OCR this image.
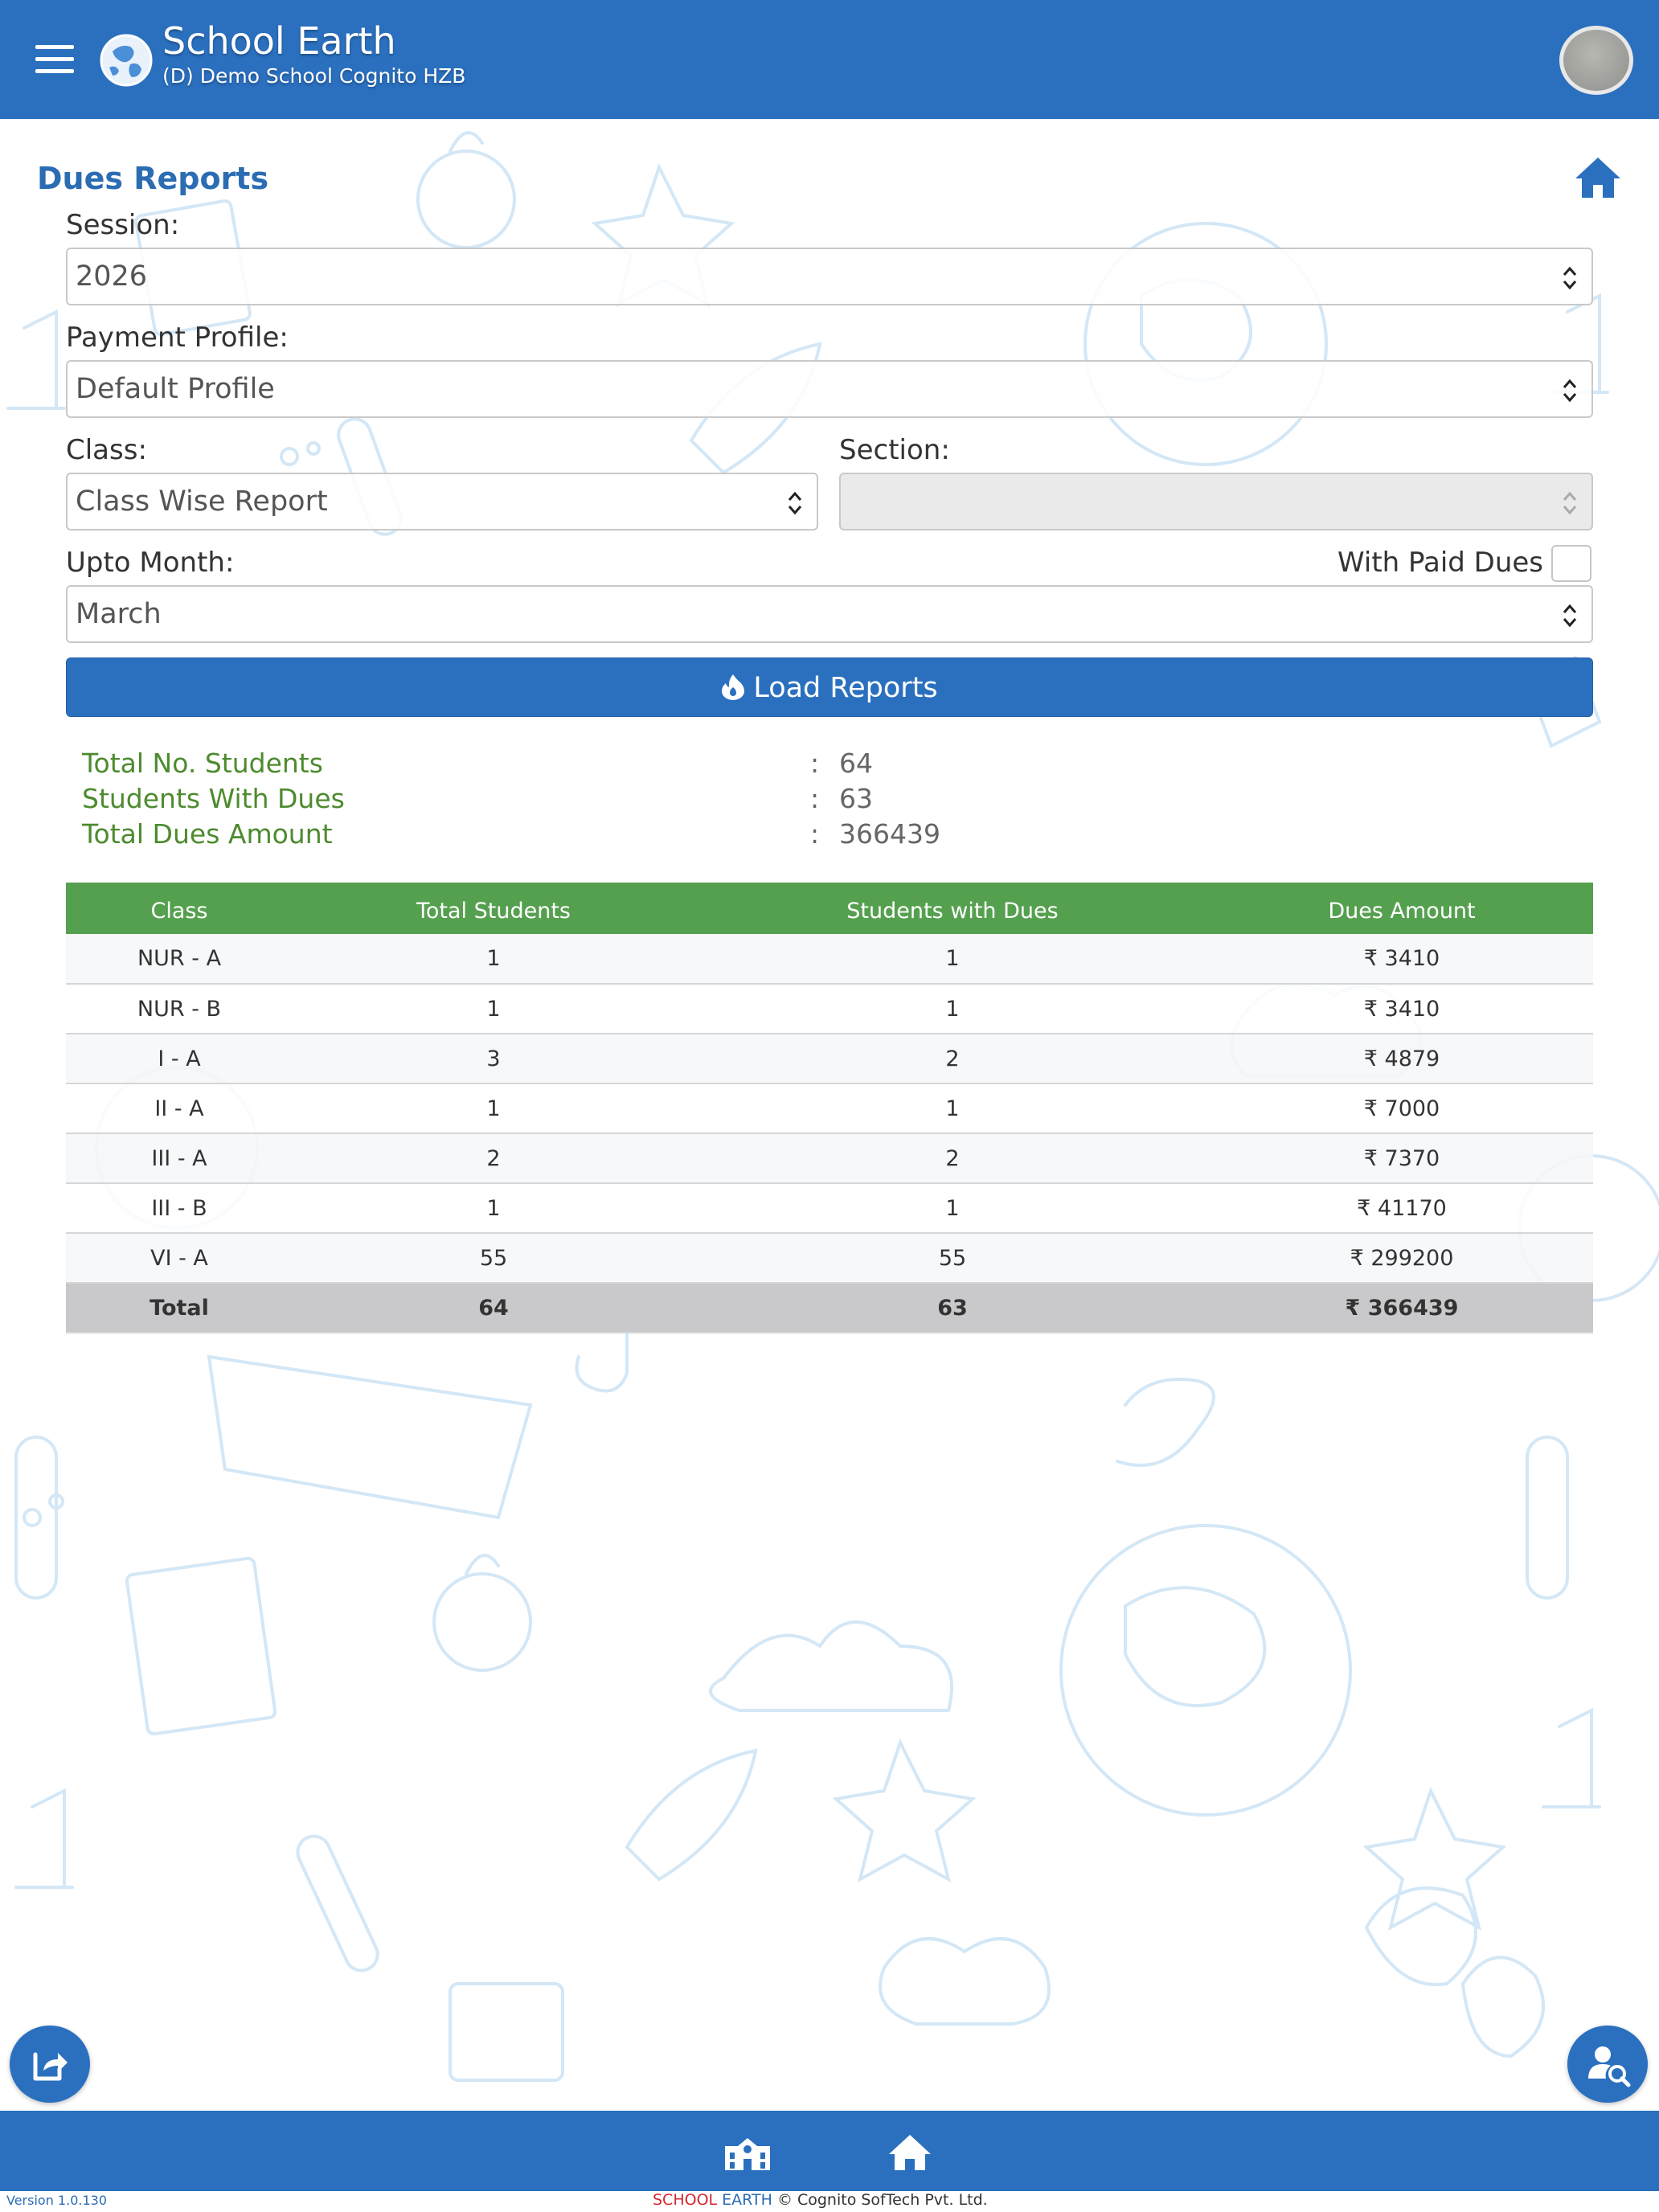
School Earth
(D) Demo School Cognito HZB
Dues Reports
Session:
2026
Payment Profile:
Default Profile
Class:
Class Wise Report
Section:
Upto Month:	With Paid Dues
March
Load Reports
Total No. Students	: 64
Students With Dues	: 63
Total Dues Amount	: 366439
Class	Total Students	Students with Dues	Dues Amount
NUR - A	1	1	₹ 3410
NUR - B	1	1	₹ 3410
I - A	3	2	₹ 4879
II - A	1	1	₹ 7000
III - A	2	2	₹ 7370
III - B	1	1	₹ 41170
VI - A	55	55	₹ 299200
Total	64	63	₹ 366439
Version 1.0.130	SCHOOL EARTH © Cognito SofTech Pvt. Ltd.
